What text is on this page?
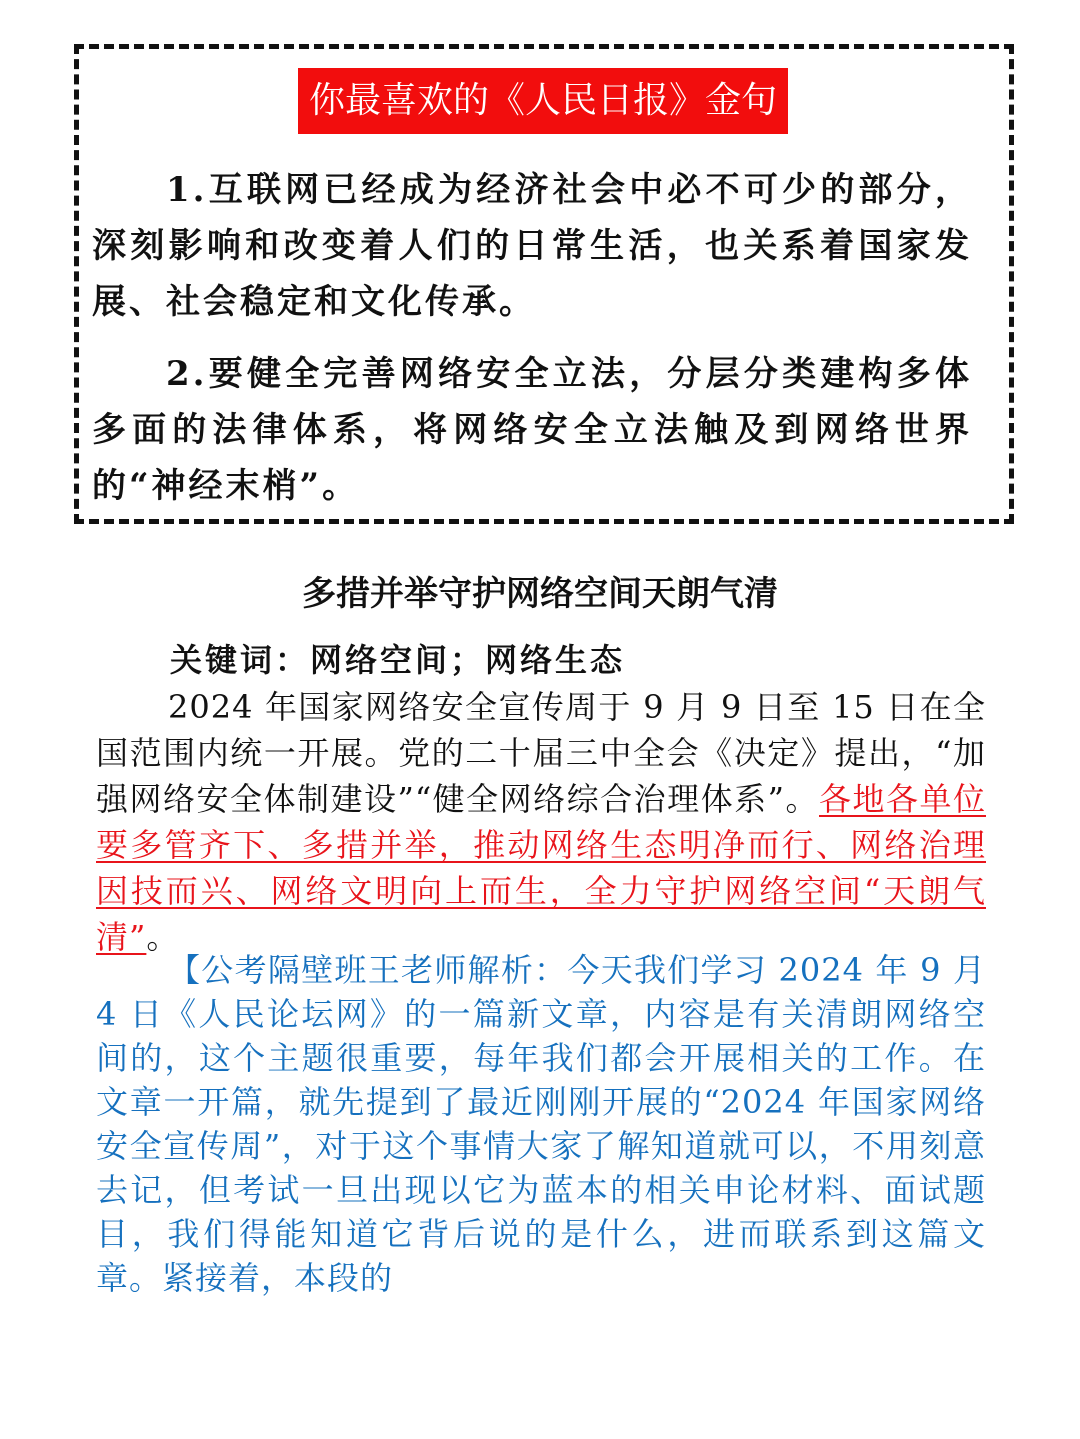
你最喜欢的《人民日报》金句

1.互联网已经成为经济社会中必不可少的部分，深刻影响和改变着人们的日常生活，也关系着国家发展、社会稳定和文化传承。

2.要健全完善网络安全立法，分层分类建构多体多面的法律体系，将网络安全立法触及到网络世界的“神经末梢”。

多措并举守护网络空间天朗气清

关键词：网络空间；网络生态

2024 年国家网络安全宣传周于 9 月 9 日至 15 日在全国范围内统一开展。党的二十届三中全会《决定》提出，“加强网络安全体制建设”“健全网络综合治理体系”。各地各单位要多管齐下、多措并举，推动网络生态明净而行、网络治理因技而兴、网络文明向上而生，全力守护网络空间“天朗气清”。

【公考隔壁班王老师解析：今天我们学习 2024 年 9 月 4 日《人民论坛网》的一篇新文章，内容是有关清朗网络空间的，这个主题很重要，每年我们都会开展相关的工作。在文章一开篇，就先提到了最近刚刚开展的“2024 年国家网络安全宣传周”，对于这个事情大家了解知道就可以，不用刻意去记，但考试一旦出现以它为蓝本的相关申论材料、面试题目，我们得能知道它背后说的是什么，进而联系到这篇文章。紧接着，本段的
